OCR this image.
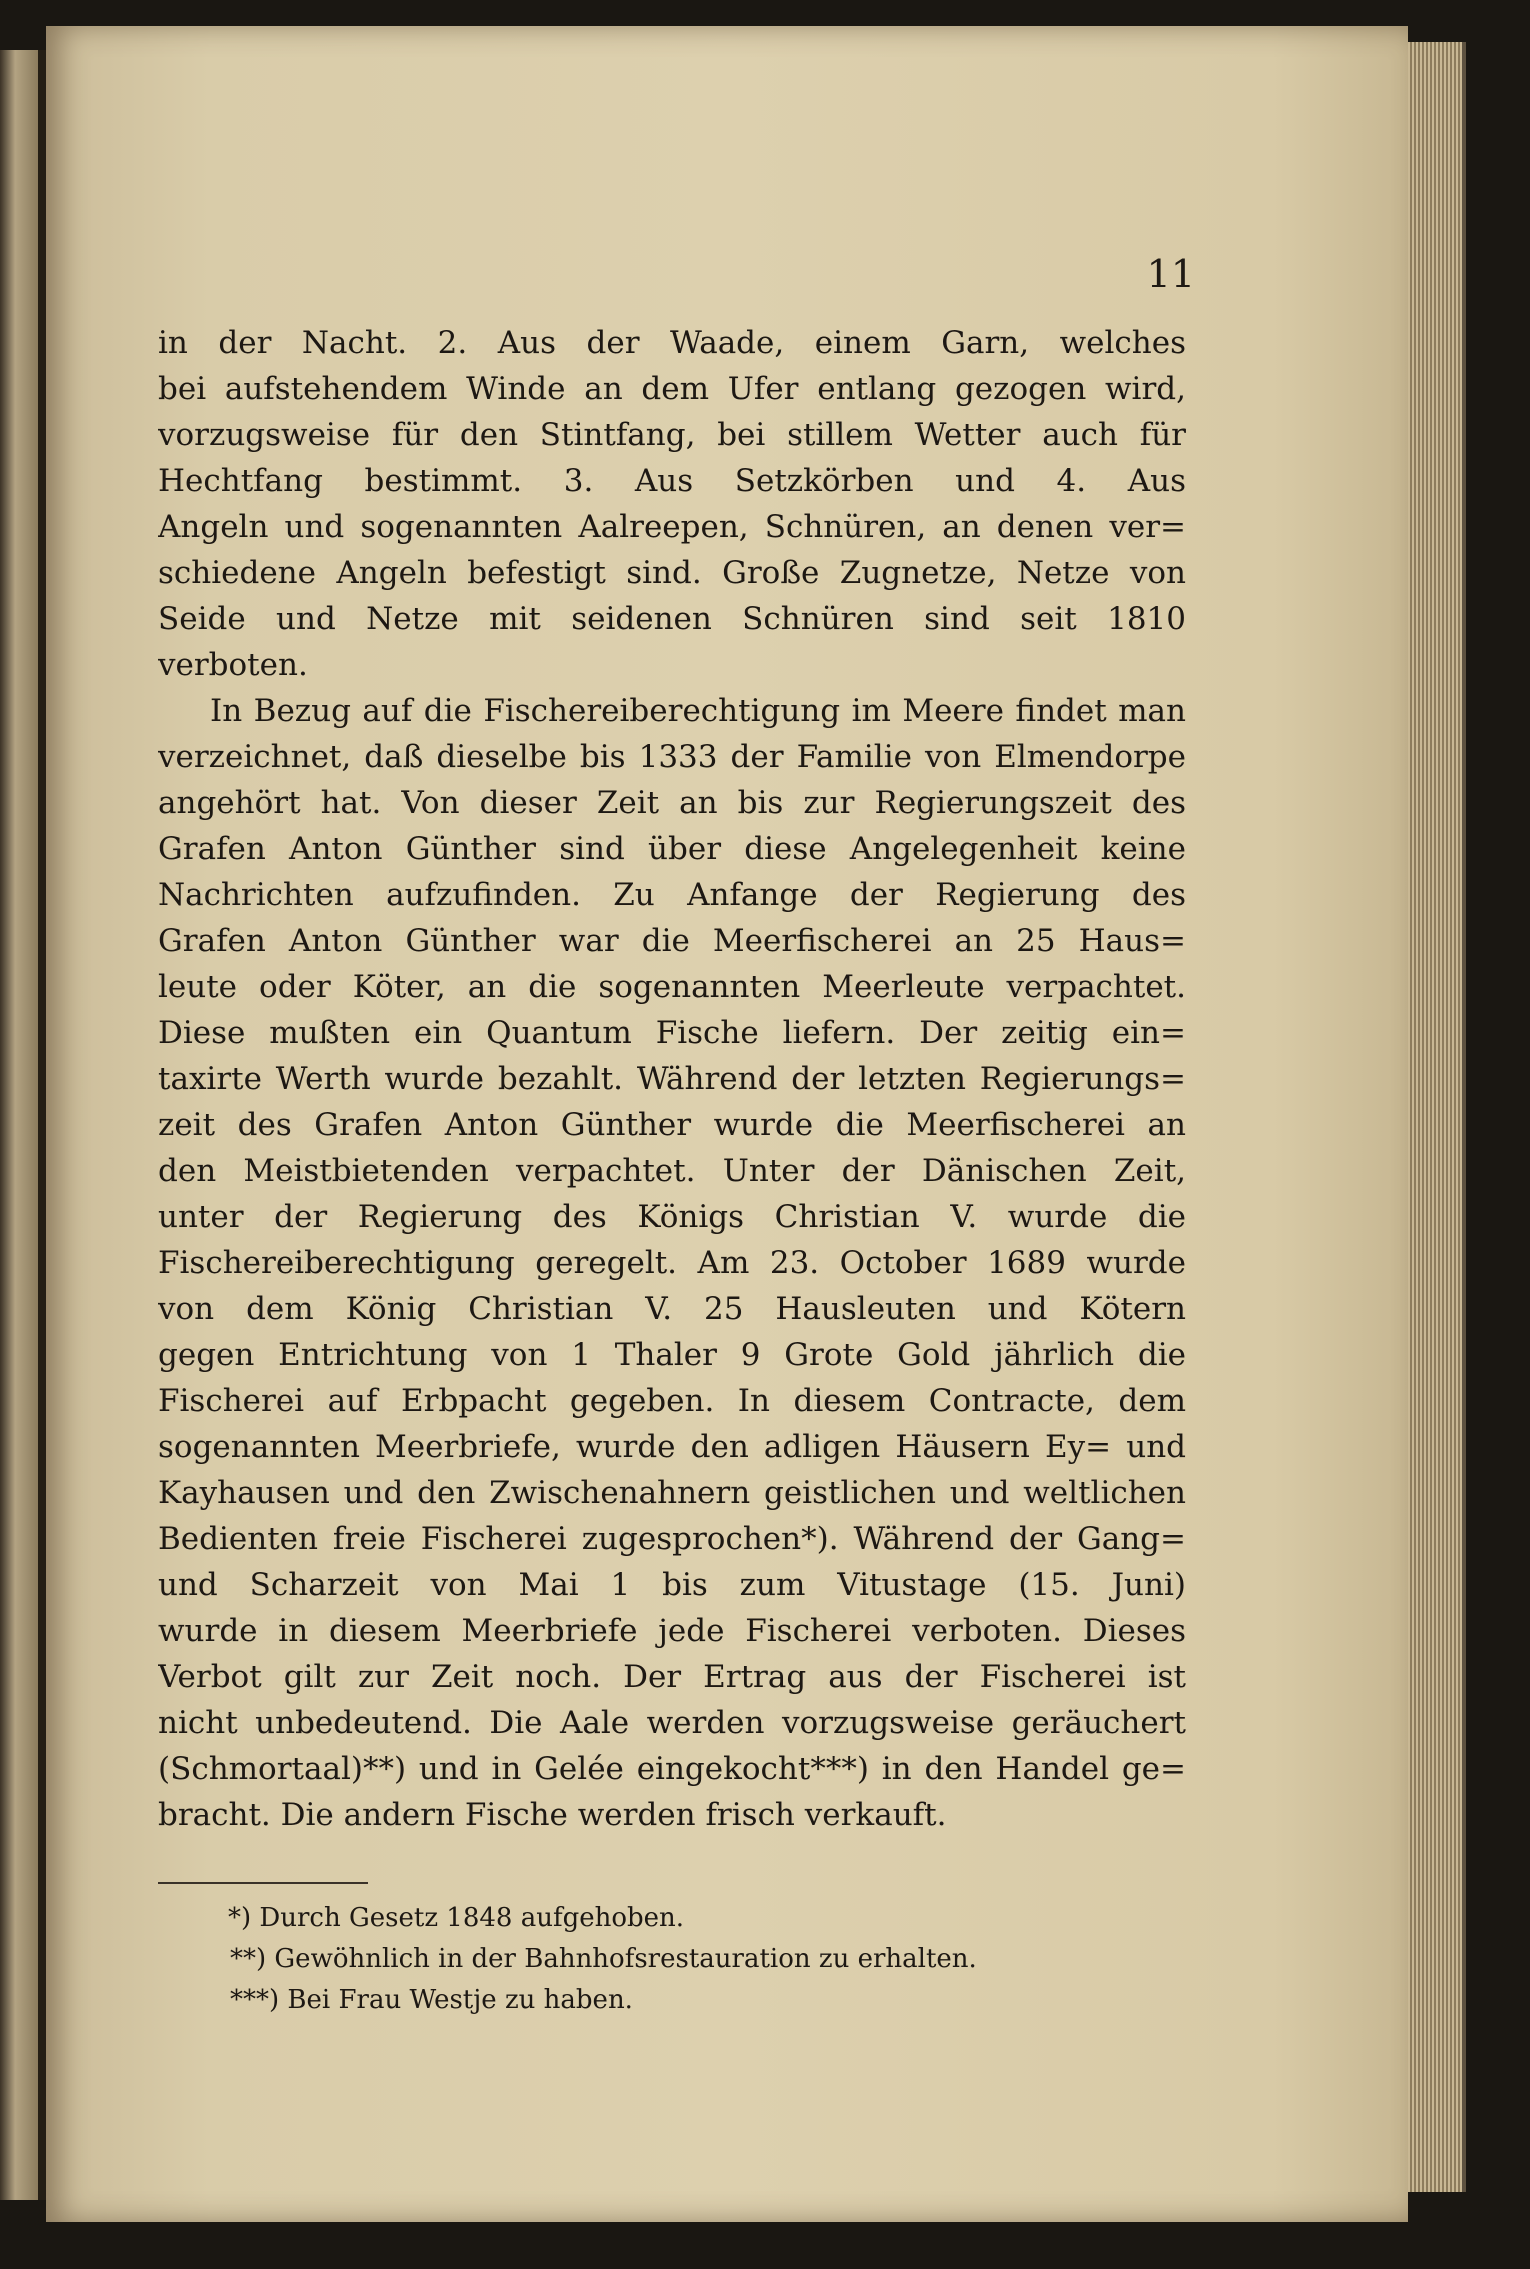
11
in der Nacht. 2. Aus der Waade, einem Garn, welches
bei aufstehendem Winde an dem Ufer entlang gezogen wird,
vorzugsweise für den Stintfang, bei stillem Wetter auch für
Hechtfang bestimmt. 3. Aus Setzkörben und 4. Aus
Angeln und sogenannten Aalreepen, Schnüren, an denen ver=
schiedene Angeln befestigt sind. Große Zugnetze, Netze von
Seide und Netze mit seidenen Schnüren sind seit 1810
verboten.
In Bezug auf die Fischereiberechtigung im Meere findet man
verzeichnet, daß dieselbe bis 1333 der Familie von Elmendorpe
angehört hat. Von dieser Zeit an bis zur Regierungszeit des
Grafen Anton Günther sind über diese Angelegenheit keine
Nachrichten aufzufinden. Zu Anfange der Regierung des
Grafen Anton Günther war die Meerfischerei an 25 Haus=
leute oder Köter, an die sogenannten Meerleute verpachtet.
Diese mußten ein Quantum Fische liefern. Der zeitig ein=
taxirte Werth wurde bezahlt. Während der letzten Regierungs=
zeit des Grafen Anton Günther wurde die Meerfischerei an
den Meistbietenden verpachtet. Unter der Dänischen Zeit,
unter der Regierung des Königs Christian V. wurde die
Fischereiberechtigung geregelt. Am 23. October 1689 wurde
von dem König Christian V. 25 Hausleuten und Kötern
gegen Entrichtung von 1 Thaler 9 Grote Gold jährlich die
Fischerei auf Erbpacht gegeben. In diesem Contracte, dem
sogenannten Meerbriefe, wurde den adligen Häusern Ey= und
Kayhausen und den Zwischenahnern geistlichen und weltlichen
Bedienten freie Fischerei zugesprochen*). Während der Gang=
und Scharzeit von Mai 1 bis zum Vitustage (15. Juni)
wurde in diesem Meerbriefe jede Fischerei verboten. Dieses
Verbot gilt zur Zeit noch. Der Ertrag aus der Fischerei ist
nicht unbedeutend. Die Aale werden vorzugsweise geräuchert
(Schmortaal)**) und in Gelée eingekocht***) in den Handel ge=
bracht. Die andern Fische werden frisch verkauft.
*) Durch Gesetz 1848 aufgehoben.
**) Gewöhnlich in der Bahnhofsrestauration zu erhalten.
***) Bei Frau Westje zu haben.
